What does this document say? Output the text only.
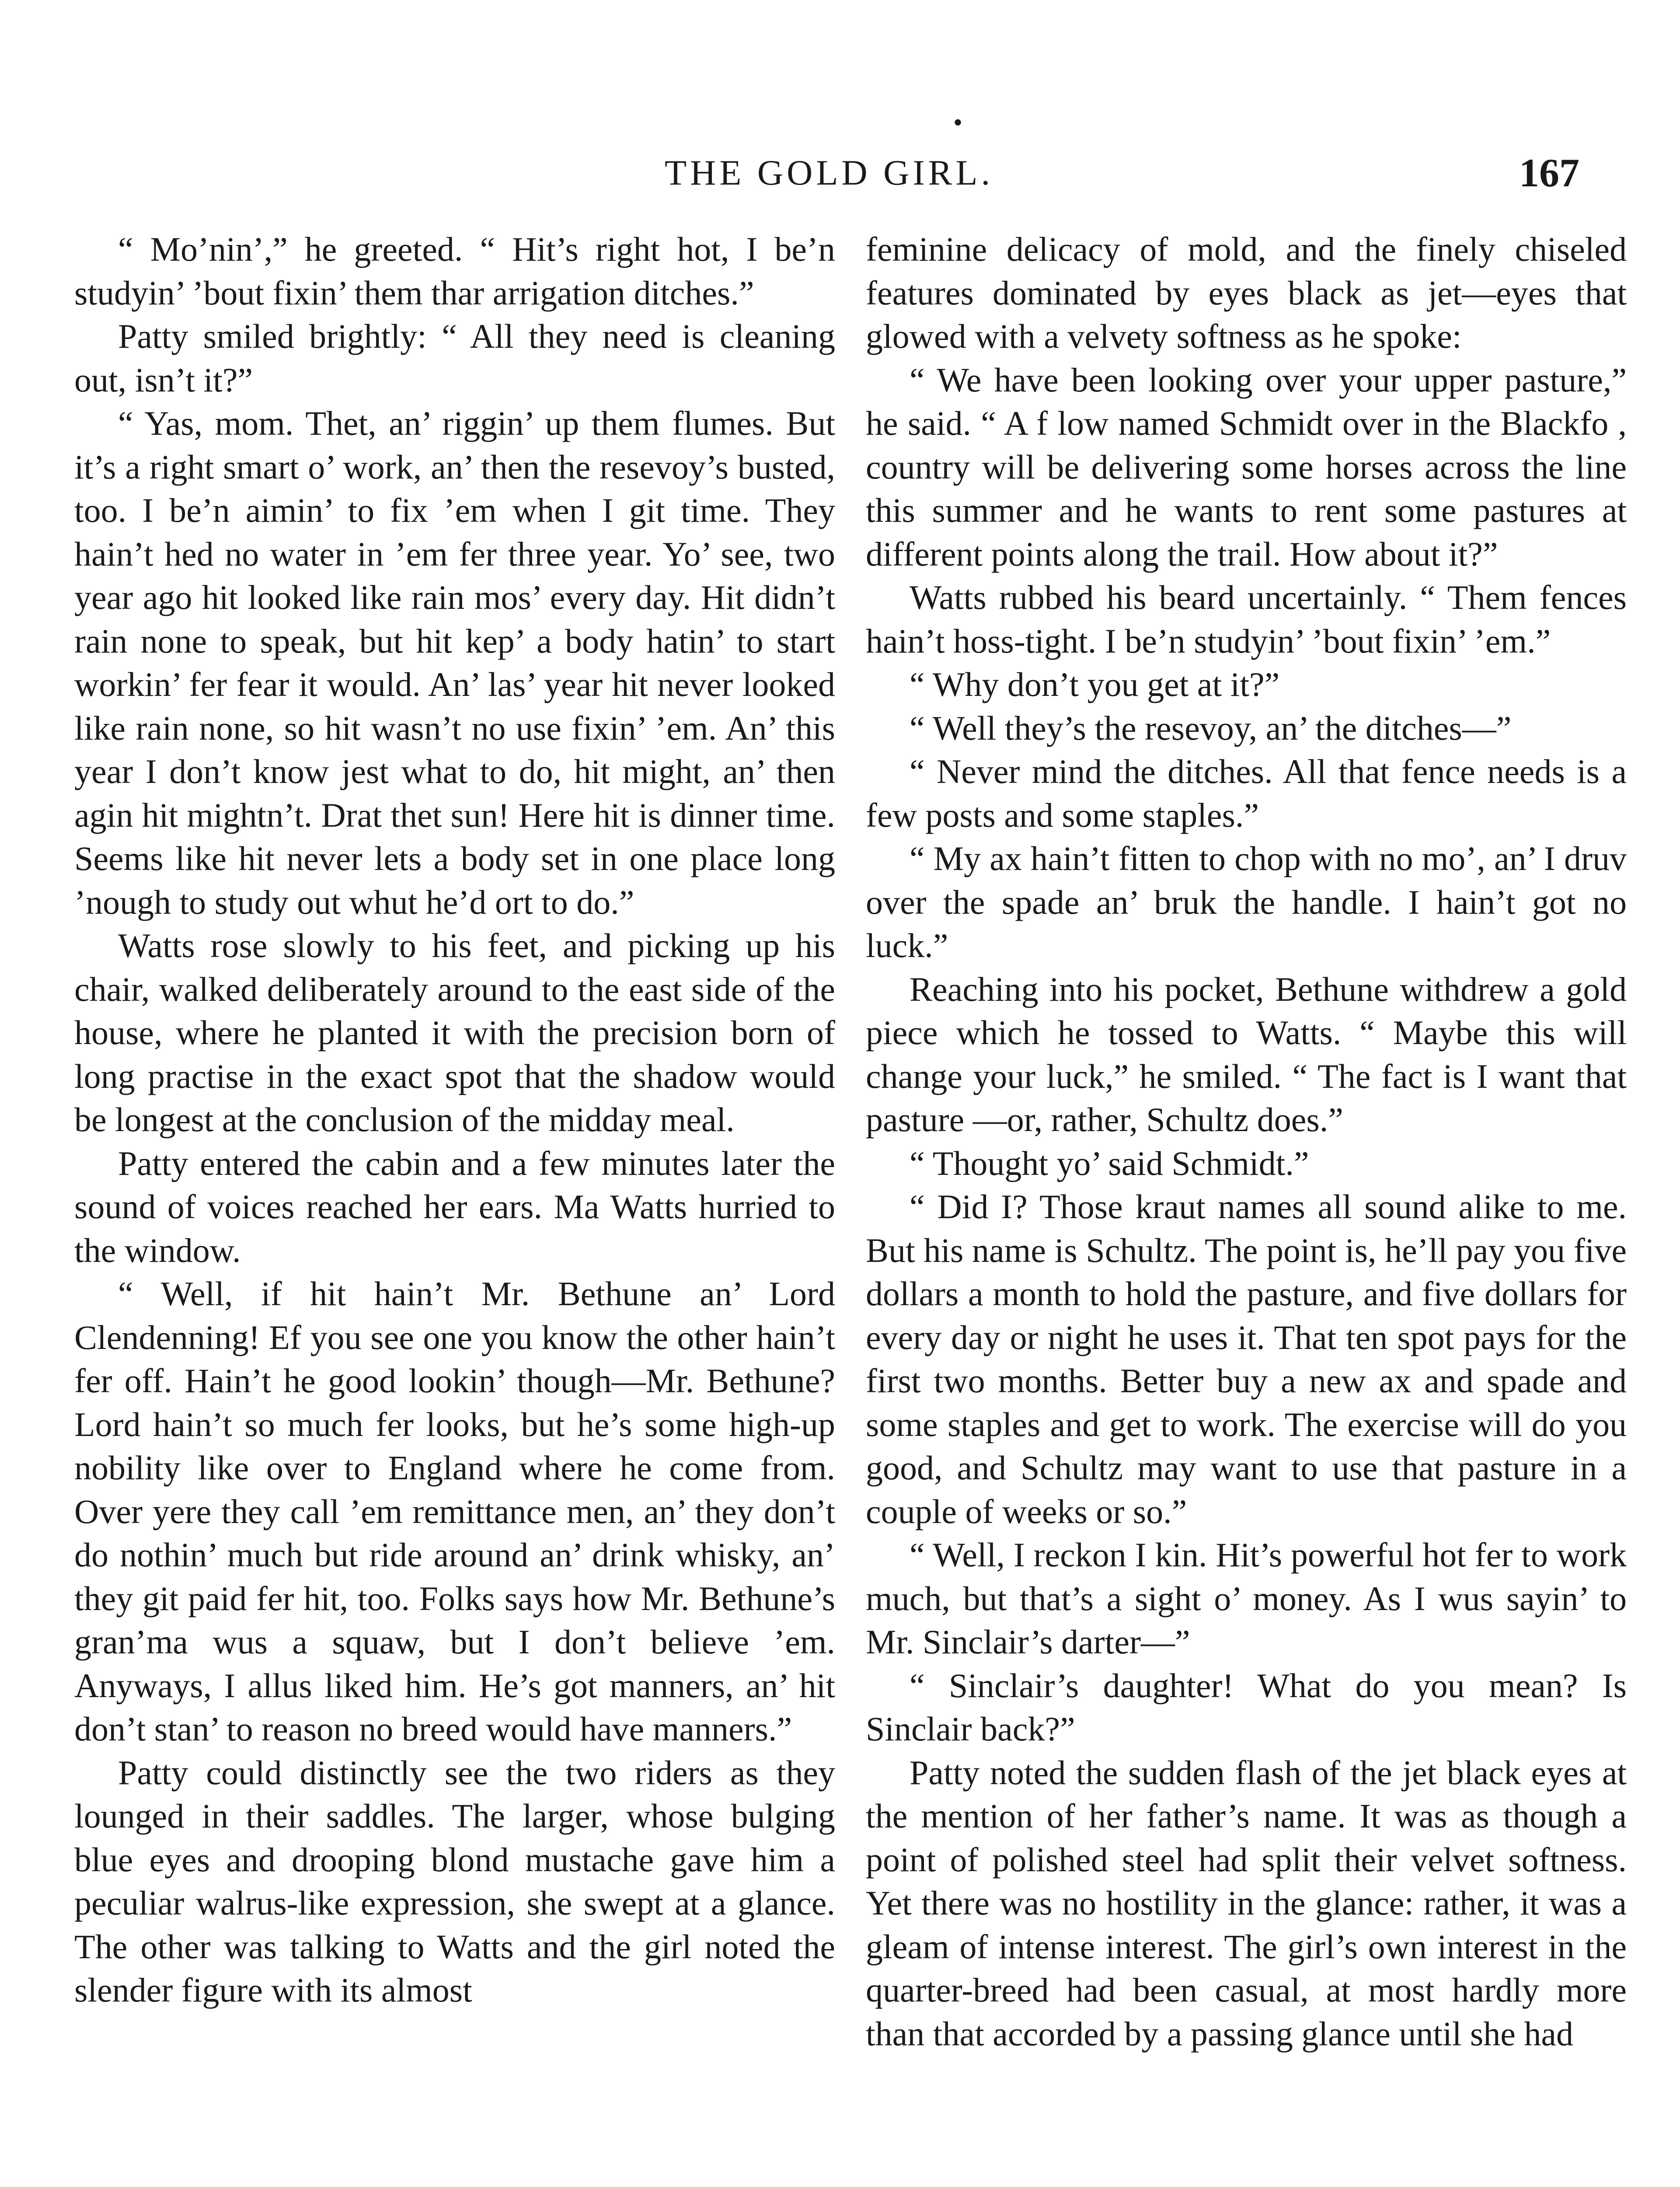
•
THE GOLD GIRL.	167

“ Mo’nin’,” he greeted. “ Hit’s right hot, I be’n studyin’ ’bout fixin’ them thar arrigation ditches.”

Patty smiled brightly: “ All they need is cleaning out, isn’t it?”

“ Yas, mom. Thet, an’ riggin’ up them flumes. But it’s a right smart o’ work, an’ then the resevoy’s busted, too. I be’n aimin’ to fix ’em when I git time. They hain’t hed no water in ’em fer three year. Yo’ see, two year ago hit looked like rain mos’ every day. Hit didn’t rain none to speak, but hit kep’ a body hatin’ to start workin’ fer fear it would. An’ las’ year hit never looked like rain none, so hit wasn’t no use fixin’ ’em. An’ this year I don’t know jest what to do, hit might, an’ then agin hit mightn’t. Drat thet sun! Here hit is dinner time. Seems like hit never lets a body set in one place long ’nough to study out whut he’d ort to do.”

Watts rose slowly to his feet, and picking up his chair, walked deliberately around to the east side of the house, where he planted it with the precision born of long practise in the exact spot that the shadow would be longest at the conclusion of the midday meal.

Patty entered the cabin and a few minutes later the sound of voices reached her ears. Ma Watts hurried to the window.

“ Well, if hit hain’t Mr. Bethune an’ Lord Clendenning! Ef you see one you know the other hain’t fer off. Hain’t he good lookin’ though—Mr. Bethune? Lord hain’t so much fer looks, but he’s some high-up nobility like over to England where he come from. Over yere they call ’em remittance men, an’ they don’t do nothin’ much but ride around an’ drink whisky, an’ they git paid fer hit, too. Folks says how Mr. Bethune’s gran’ma wus a squaw, but I don’t believe ’em. Anyways, I allus liked him. He’s got manners, an’ hit don’t stan’ to reason no breed would have manners.”

Patty could distinctly see the two riders as they lounged in their saddles. The larger, whose bulging blue eyes and drooping blond mustache gave him a peculiar walrus-like expression, she swept at a glance. The other was talking to Watts and the girl noted the slender figure with its almost

feminine delicacy of mold, and the finely chiseled features dominated by eyes black as jet—eyes that glowed with a velvety softness as he spoke:

“ We have been looking over your upper pasture,” he said. “ A f low named Schmidt over in the Blackfo , country will be delivering some horses across the line this summer and he wants to rent some pastures at different points along the trail. How about it?”

Watts rubbed his beard uncertainly. “ Them fences hain’t hoss-tight. I be’n studyin’ ’bout fixin’ ’em.”

“ Why don’t you get at it?”

“ Well they’s the resevoy, an’ the ditches—”

“ Never mind the ditches. All that fence needs is a few posts and some staples.”

“ My ax hain’t fitten to chop with no mo’, an’ I druv over the spade an’ bruk the handle. I hain’t got no luck.”

Reaching into his pocket, Bethune withdrew a gold piece which he tossed to Watts. “ Maybe this will change your luck,” he smiled. “ The fact is I want that pasture —or, rather, Schultz does.”

“ Thought yo’ said Schmidt.”

“ Did I? Those kraut names all sound alike to me. But his name is Schultz. The point is, he’ll pay you five dollars a month to hold the pasture, and five dollars for every day or night he uses it. That ten spot pays for the first two months. Better buy a new ax and spade and some staples and get to work. The exercise will do you good, and Schultz may want to use that pasture in a couple of weeks or so.”

“ Well, I reckon I kin. Hit’s powerful hot fer to work much, but that’s a sight o’ money. As I wus sayin’ to Mr. Sinclair’s darter—”

“ Sinclair’s daughter! What do you mean? Is Sinclair back?”

Patty noted the sudden flash of the jet black eyes at the mention of her father’s name. It was as though a point of polished steel had split their velvet softness. Yet there was no hostility in the glance: rather, it was a gleam of intense interest. The girl’s own interest in the quarter-breed had been casual, at most hardly more than that accorded by a passing glance until she had
